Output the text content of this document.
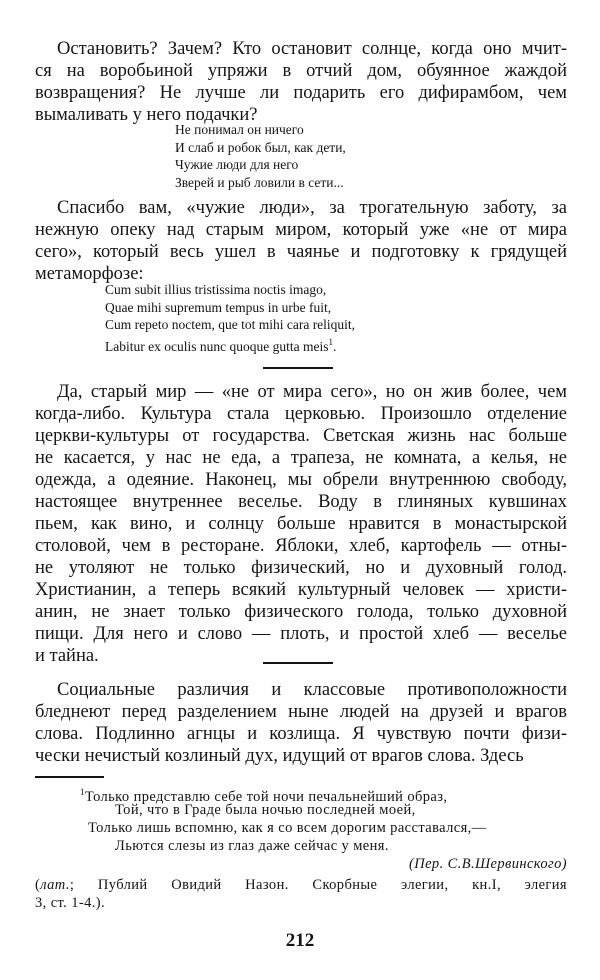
Остановить? Зачем? Кто остановит солнце, когда оно мчит-
ся на воробьиной упряжи в отчий дом, обуянное жаждой
возвращения? Не лучше ли подарить его дифирамбом, чем
вымаливать у него подачки?
Не понимал он ничего
И слаб и робок был, как дети,
Чужие люди для него
Зверей и рыб ловили в сети...
Спасибо вам, «чужие люди», за трогательную заботу, за
нежную опеку над старым миром, который уже «не от мира
сего», который весь ушел в чаянье и подготовку к грядущей
метаморфозе:
Cum subit illius tristissima noctis imago,
Quae mihi supremum tempus in urbe fuit,
Cum repeto noctem, que tot mihi cara reliquit,
Labitur ex oculis nunc quoque gutta meis$^1$.
Да, старый мир — «не от мира сего», но он жив более, чем
когда-либо. Культура стала церковью. Произошло отделение
церкви-культуры от государства. Светская жизнь нас больше
не касается, у нас не еда, а трапеза, не комната, а келья, не
одежда, а одеяние. Наконец, мы обрели внутреннюю свободу,
настоящее внутреннее веселье. Воду в глиняных кувшинах
пьем, как вино, и солнцу больше нравится в монастырской
столовой, чем в ресторане. Яблоки, хлеб, картофель — отны-
не утоляют не только физический, но и духовный голод.
Христианин, а теперь всякий культурный человек — христи-
анин, не знает только физического голода, только духовной
пищи. Для него и слово — плоть, и простой хлеб — веселье
и тайна.
Социальные различия и классовые противоположности
бледнеют перед разделением ныне людей на друзей и врагов
слова. Подлинно агнцы и козлища. Я чувствую почти физи-
чески нечистый козлиный дух, идущий от врагов слова. Здесь
$^1$Только представлю себе той ночи печальнейший образ,
Той, что в Граде была ночью последней моей,
Только лишь вспомню, как я со всем дорогим расставался,—
Льются слезы из глаз даже сейчас у меня.
(Пер. С.В.Шервинского)
(лат.; Публий Овидий Назон. Скорбные элегии, кн.I, элегия
3, ст. 1-4.).
212
